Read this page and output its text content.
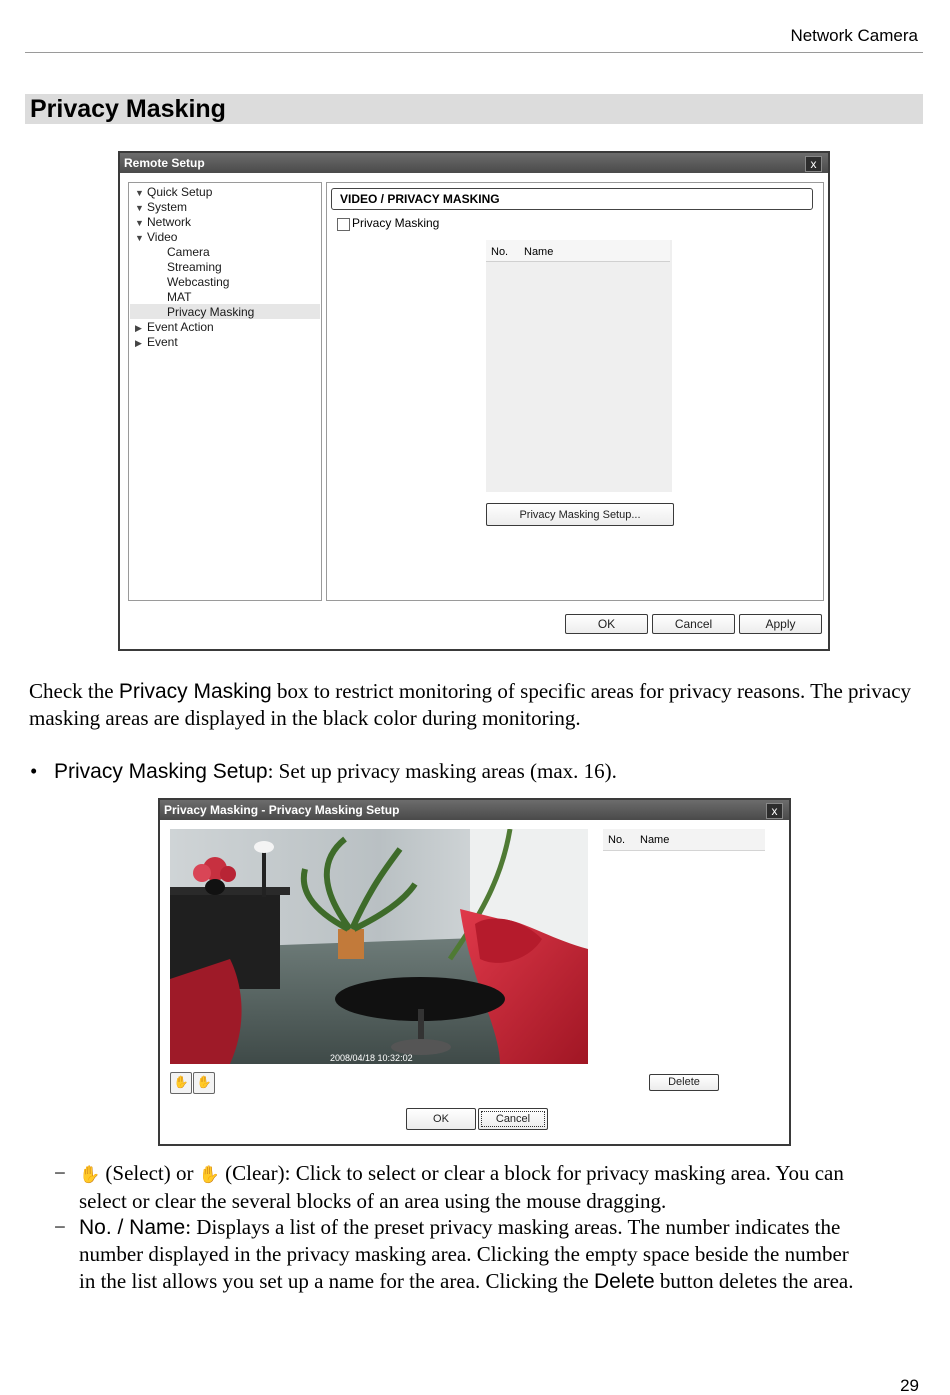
Network Camera
Privacy Masking
Remote Setup	x
▼ Quick Setup
▼ System
▼ Network
▼ Video
Camera
Streaming
Webcasting
MAT
Privacy Masking
▶ Event Action
▶ Event
VIDEO / PRIVACY MASKING
Privacy Masking
No. Name
Privacy Masking Setup...
OK	Cancel	Apply
Check the Privacy Masking box to restrict monitoring of specific areas for privacy reasons. The privacy masking areas are displayed in the black color during monitoring.
• Privacy Masking Setup: Set up privacy masking areas (max. 16).
Privacy Masking - Privacy Masking Setup	x
2008/04/18 10:32:02
No. Name
✋ ✋	Delete
OK	Cancel
− ✋ (Select) or ✋ (Clear): Click to select or clear a block for privacy masking area. You can
select or clear the several blocks of an area using the mouse dragging.
− No. / Name: Displays a list of the preset privacy masking areas. The number indicates the
number displayed in the privacy masking area. Clicking the empty space beside the number
in the list allows you set up a name for the area. Clicking the Delete button deletes the area.
29
